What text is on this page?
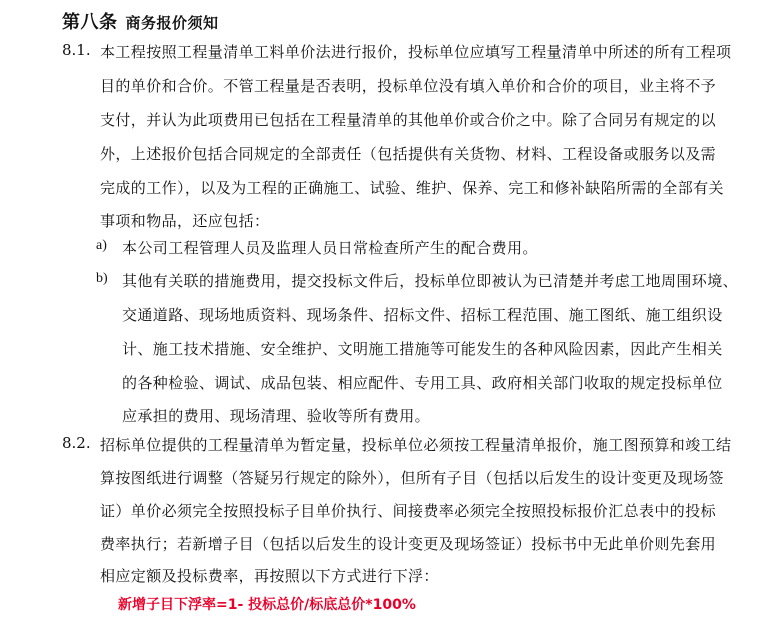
第八条 商务报价须知
8.1. 本工程按照工程量清单工料单价法进行报价，投标单位应填写工程量清单中所述的所有工程项
目的单价和合价。不管工程量是否表明，投标单位没有填入单价和合价的项目，业主将不予
支付，并认为此项费用已包括在工程量清单的其他单价或合价之中。除了合同另有规定的以
外，上述报价包括合同规定的全部责任（包括提供有关货物、材料、工程设备或服务以及需
完成的工作），以及为工程的正确施工、试验、维护、保养、完工和修补缺陷所需的全部有关
事项和物品，还应包括：
a) 本公司工程管理人员及监理人员日常检查所产生的配合费用。
b) 其他有关联的措施费用，提交投标文件后，投标单位即被认为已清楚并考虑工地周围环境、
交通道路、现场地质资料、现场条件、招标文件、招标工程范围、施工图纸、施工组织设
计、施工技术措施、安全维护、文明施工措施等可能发生的各种风险因素，因此产生相关
的各种检验、调试、成品包装、相应配件、专用工具、政府相关部门收取的规定投标单位
应承担的费用、现场清理、验收等所有费用。
8.2. 招标单位提供的工程量清单为暂定量，投标单位必须按工程量清单报价，施工图预算和竣工结
算按图纸进行调整（答疑另行规定的除外），但所有子目（包括以后发生的设计变更及现场签
证）单价必须完全按照投标子目单价执行、间接费率必须完全按照投标报价汇总表中的投标
费率执行；若新增子目（包括以后发生的设计变更及现场签证）投标书中无此单价则先套用
相应定额及投标费率，再按照以下方式进行下浮：
新增子目下浮率=1- 投标总价/标底总价*100%
